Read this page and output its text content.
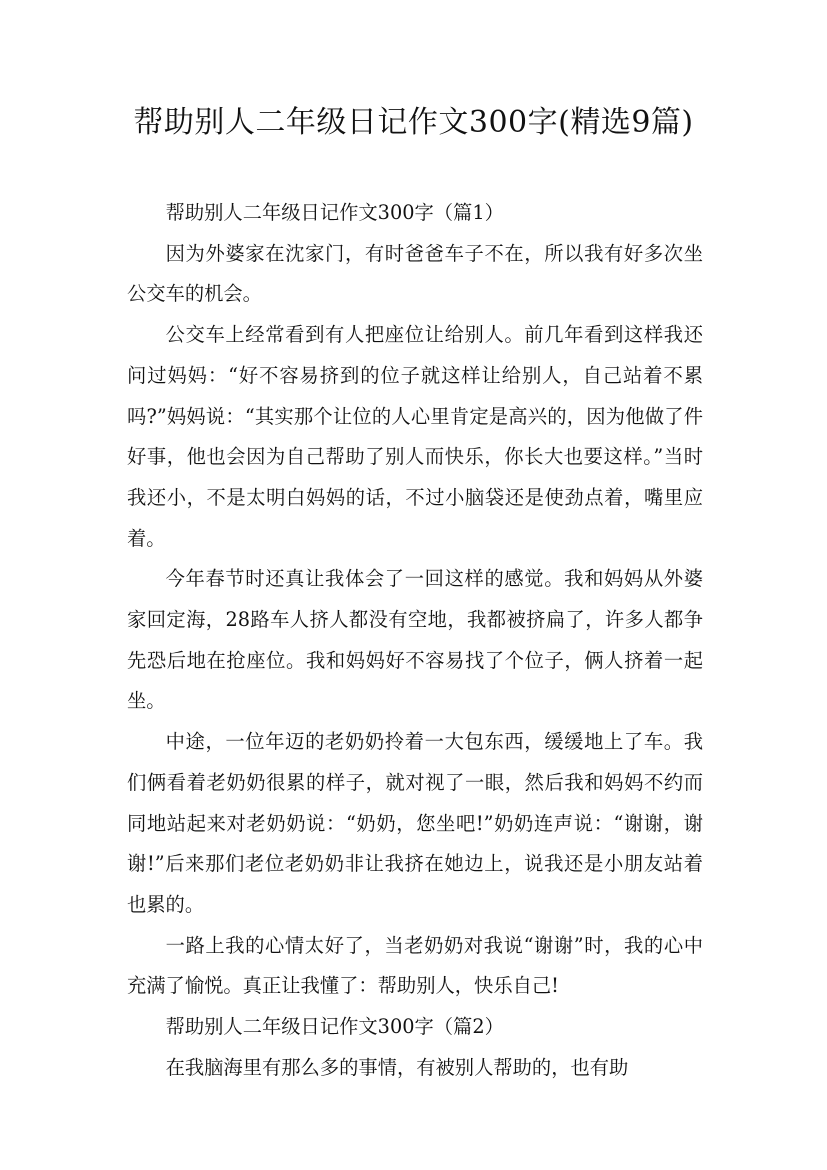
帮助别人二年级日记作文300字(精选9篇)

帮助别人二年级日记作文300字（篇1）

因为外婆家在沈家门，有时爸爸车子不在，所以我有好多次坐公交车的机会。

公交车上经常看到有人把座位让给别人。前几年看到这样我还问过妈妈：“好不容易挤到的位子就这样让给别人，自己站着不累吗?”妈妈说：“其实那个让位的人心里肯定是高兴的，因为他做了件好事，他也会因为自己帮助了别人而快乐，你长大也要这样。”当时我还小，不是太明白妈妈的话，不过小脑袋还是使劲点着，嘴里应着。

今年春节时还真让我体会了一回这样的感觉。我和妈妈从外婆家回定海，28路车人挤人都没有空地，我都被挤扁了，许多人都争先恐后地在抢座位。我和妈妈好不容易找了个位子，俩人挤着一起坐。

中途，一位年迈的老奶奶拎着一大包东西，缓缓地上了车。我们俩看着老奶奶很累的样子，就对视了一眼，然后我和妈妈不约而同地站起来对老奶奶说：“奶奶，您坐吧!”奶奶连声说：“谢谢，谢谢!”后来那们老位老奶奶非让我挤在她边上，说我还是小朋友站着也累的。

一路上我的心情太好了，当老奶奶对我说“谢谢”时，我的心中充满了愉悦。真正让我懂了：帮助别人，快乐自己!

帮助别人二年级日记作文300字（篇2）

在我脑海里有那么多的事情，有被别人帮助的，也有助
